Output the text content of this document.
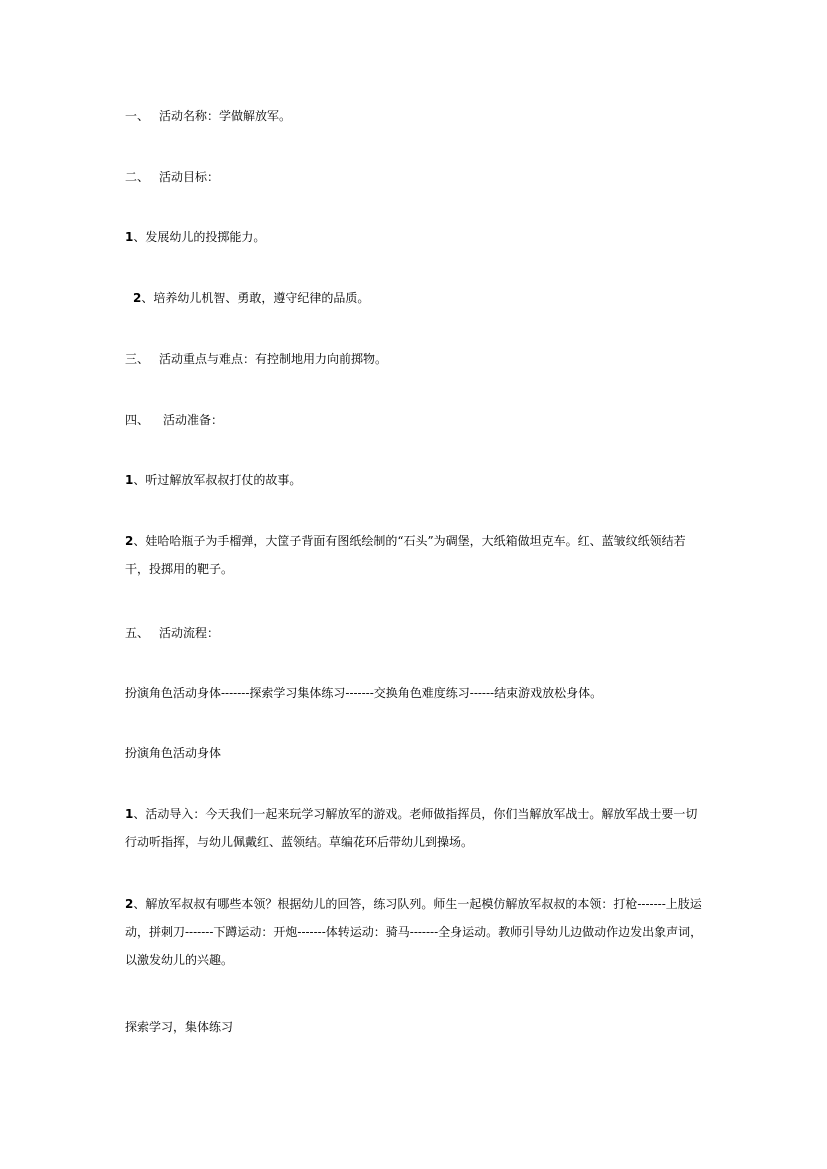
一、 活动名称：学做解放军。
二、 活动目标：
1、发展幼儿的投掷能力。
2、培养幼儿机智、勇敢，遵守纪律的品质。
三、 活动重点与难点：有控制地用力向前掷物。
四、 活动准备：
1、听过解放军叔叔打仗的故事。
2、娃哈哈瓶子为手榴弹，大筐子背面有图纸绘制的“石头”为碉堡，大纸箱做坦克车。红、蓝皱纹纸领结若干，投掷用的靶子。
五、 活动流程：
扮演角色活动身体-------探索学习集体练习-------交换角色难度练习------结束游戏放松身体。
扮演角色活动身体
1、活动导入：今天我们一起来玩学习解放军的游戏。老师做指挥员，你们当解放军战士。解放军战士要一切行动听指挥，与幼儿佩戴红、蓝领结。草编花环后带幼儿到操场。
2、解放军叔叔有哪些本领？根据幼儿的回答，练习队列。师生一起模仿解放军叔叔的本领：打枪-------上肢运动，拼刺刀-------下蹲运动：开炮-------体转运动：骑马-------全身运动。教师引导幼儿边做动作边发出象声词，以激发幼儿的兴趣。
探索学习，集体练习
